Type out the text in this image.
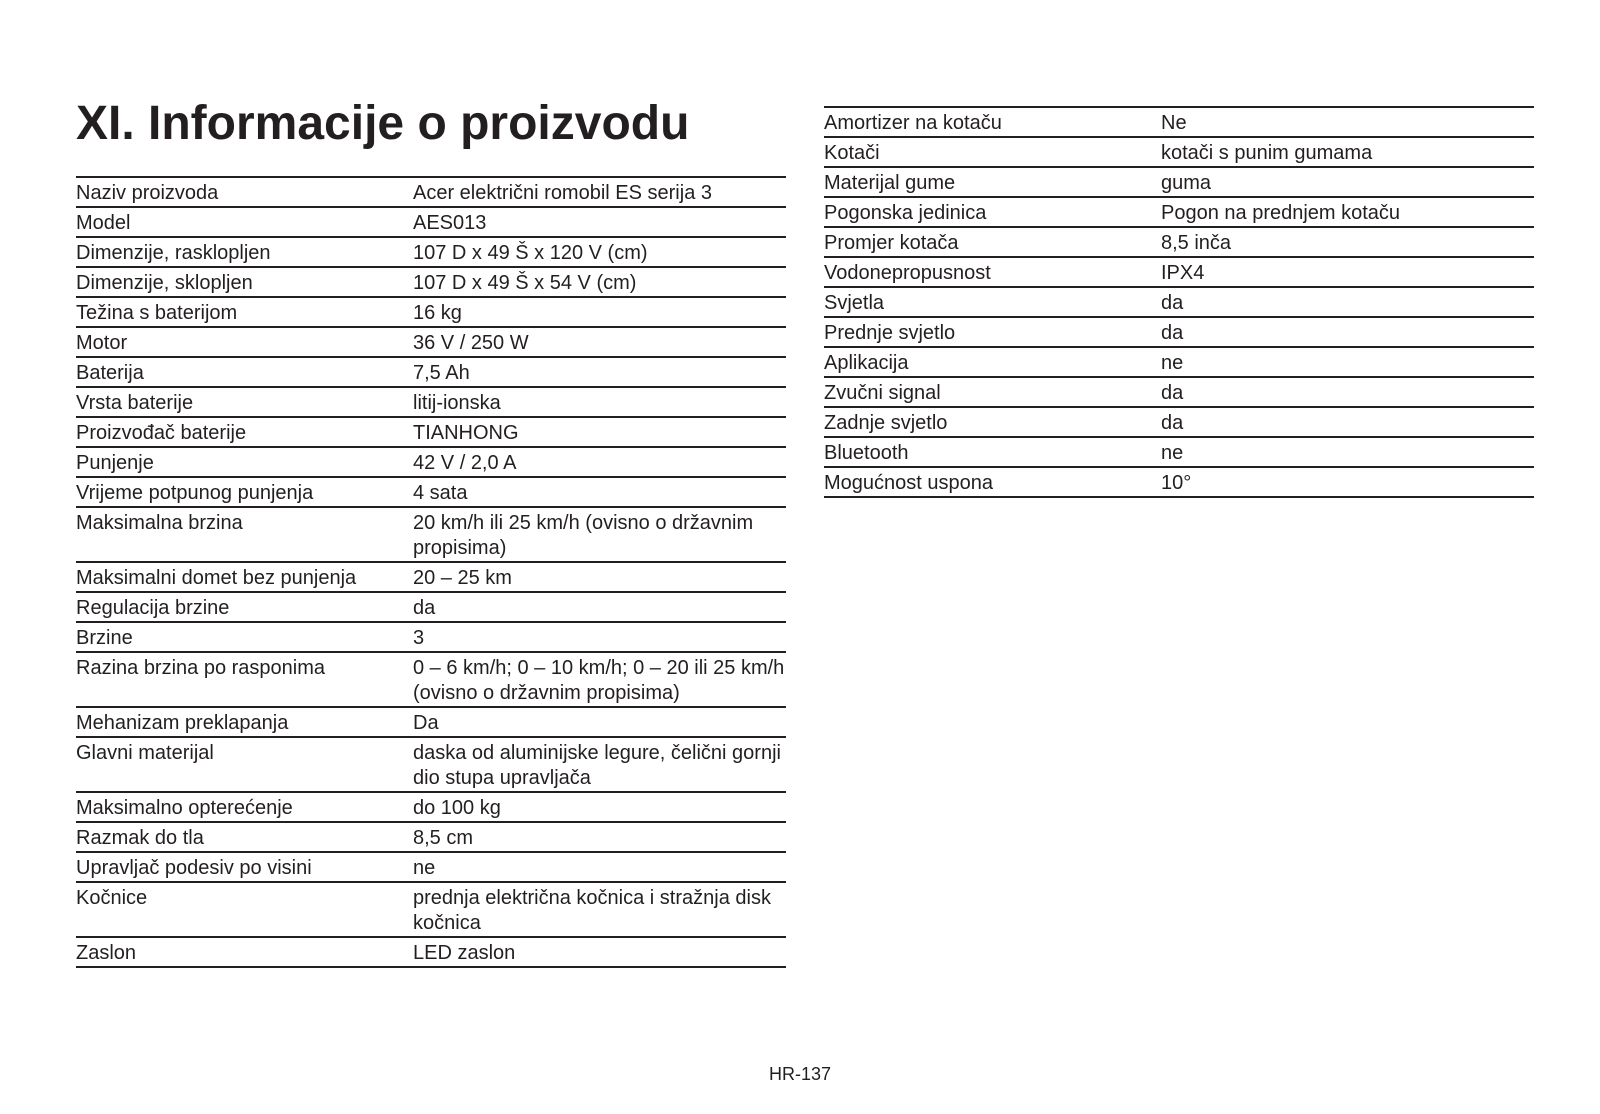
XI. Informacije o proizvodu
Naziv proizvoda	Acer električni romobil ES serija 3
Model	AES013
Dimenzije, rasklopljen	107 D x 49 Š x 120 V (cm)
Dimenzije, sklopljen	107 D x 49 Š x 54 V (cm)
Težina s baterijom	16 kg
Motor	36 V / 250 W
Baterija	7,5 Ah
Vrsta baterije	litij-ionska
Proizvođač baterije	TIANHONG
Punjenje	42 V / 2,0 A
Vrijeme potpunog punjenja	4 sata
Maksimalna brzina	20 km/h ili 25 km/h (ovisno o državnim propisima)
Maksimalni domet bez punjenja	20 – 25 km
Regulacija brzine	da
Brzine	3
Razina brzina po rasponima	0 – 6 km/h; 0 – 10 km/h; 0 – 20 ili 25 km/h (ovisno o državnim propisima)
Mehanizam preklapanja	Da
Glavni materijal	daska od aluminijske legure, čelični gornji dio stupa upravljača
Maksimalno opterećenje	do 100 kg
Razmak do tla	8,5 cm
Upravljač podesiv po visini	ne
Kočnice	prednja električna kočnica i stražnja disk kočnica
Zaslon	LED zaslon
Amortizer na kotaču	Ne
Kotači	kotači s punim gumama
Materijal gume	guma
Pogonska jedinica	Pogon na prednjem kotaču
Promjer kotača	8,5 inča
Vodonepropusnost	IPX4
Svjetla	da
Prednje svjetlo	da
Aplikacija	ne
Zvučni signal	da
Zadnje svjetlo	da
Bluetooth	ne
Mogućnost uspona	10°
HR-137
